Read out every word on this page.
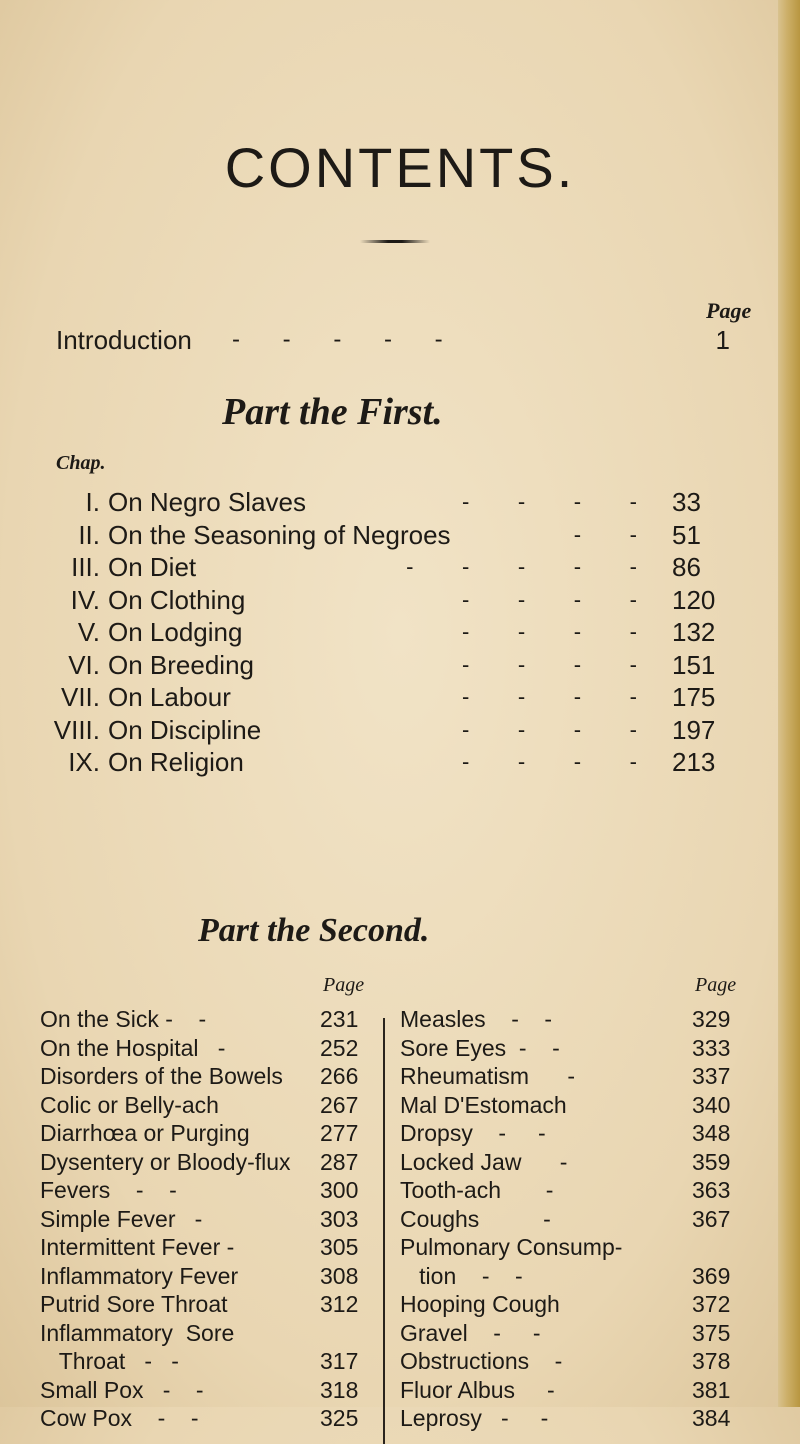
CONTENTS.
Page
Introduction - - - - -	1
Part the First.
Chap.
I. On Negro Slaves	-     -     -     - 33
II. On the Seasoning of Negroes	-     - 51
III. On Diet	-     -     -     -     - 86
IV. On Clothing	-     -     -     - 120
V. On Lodging	-     -     -     - 132
VI. On Breeding	-     -     -     - 151
VII. On Labour	-     -     -     - 175
VIII. On Discipline	-     -     -     - 197
IX. On Religion	-     -     -     - 213
Part the Second.
Page	Page
On the Sick -    -	231
On the Hospital   -	252
Disorders of the Bowels 266
Colic or Belly-ach	267
Diarrhœa or Purging	277
Dysentery or Bloody-flux 287
Fevers    -    -	300
Simple Fever   -	303
Intermittent Fever -	305
Inflammatory Fever	308
Putrid Sore Throat	312
Inflammatory  Sore
Throat   -   -	317
Small Pox   -    -	318
Cow Pox    -    -	325
Measles    -    -	329
Sore Eyes  -    -	333
Rheumatism      -	337
Mal D'Estomach	340
Dropsy    -     -	348
Locked Jaw      -	359
Tooth-ach       -	363
Coughs          -	367
Pulmonary Consump-
tion    -    -	369
Hooping Cough	372
Gravel    -     -	375
Obstructions    -	378
Fluor Albus     -	381
Leprosy   -     -	384
